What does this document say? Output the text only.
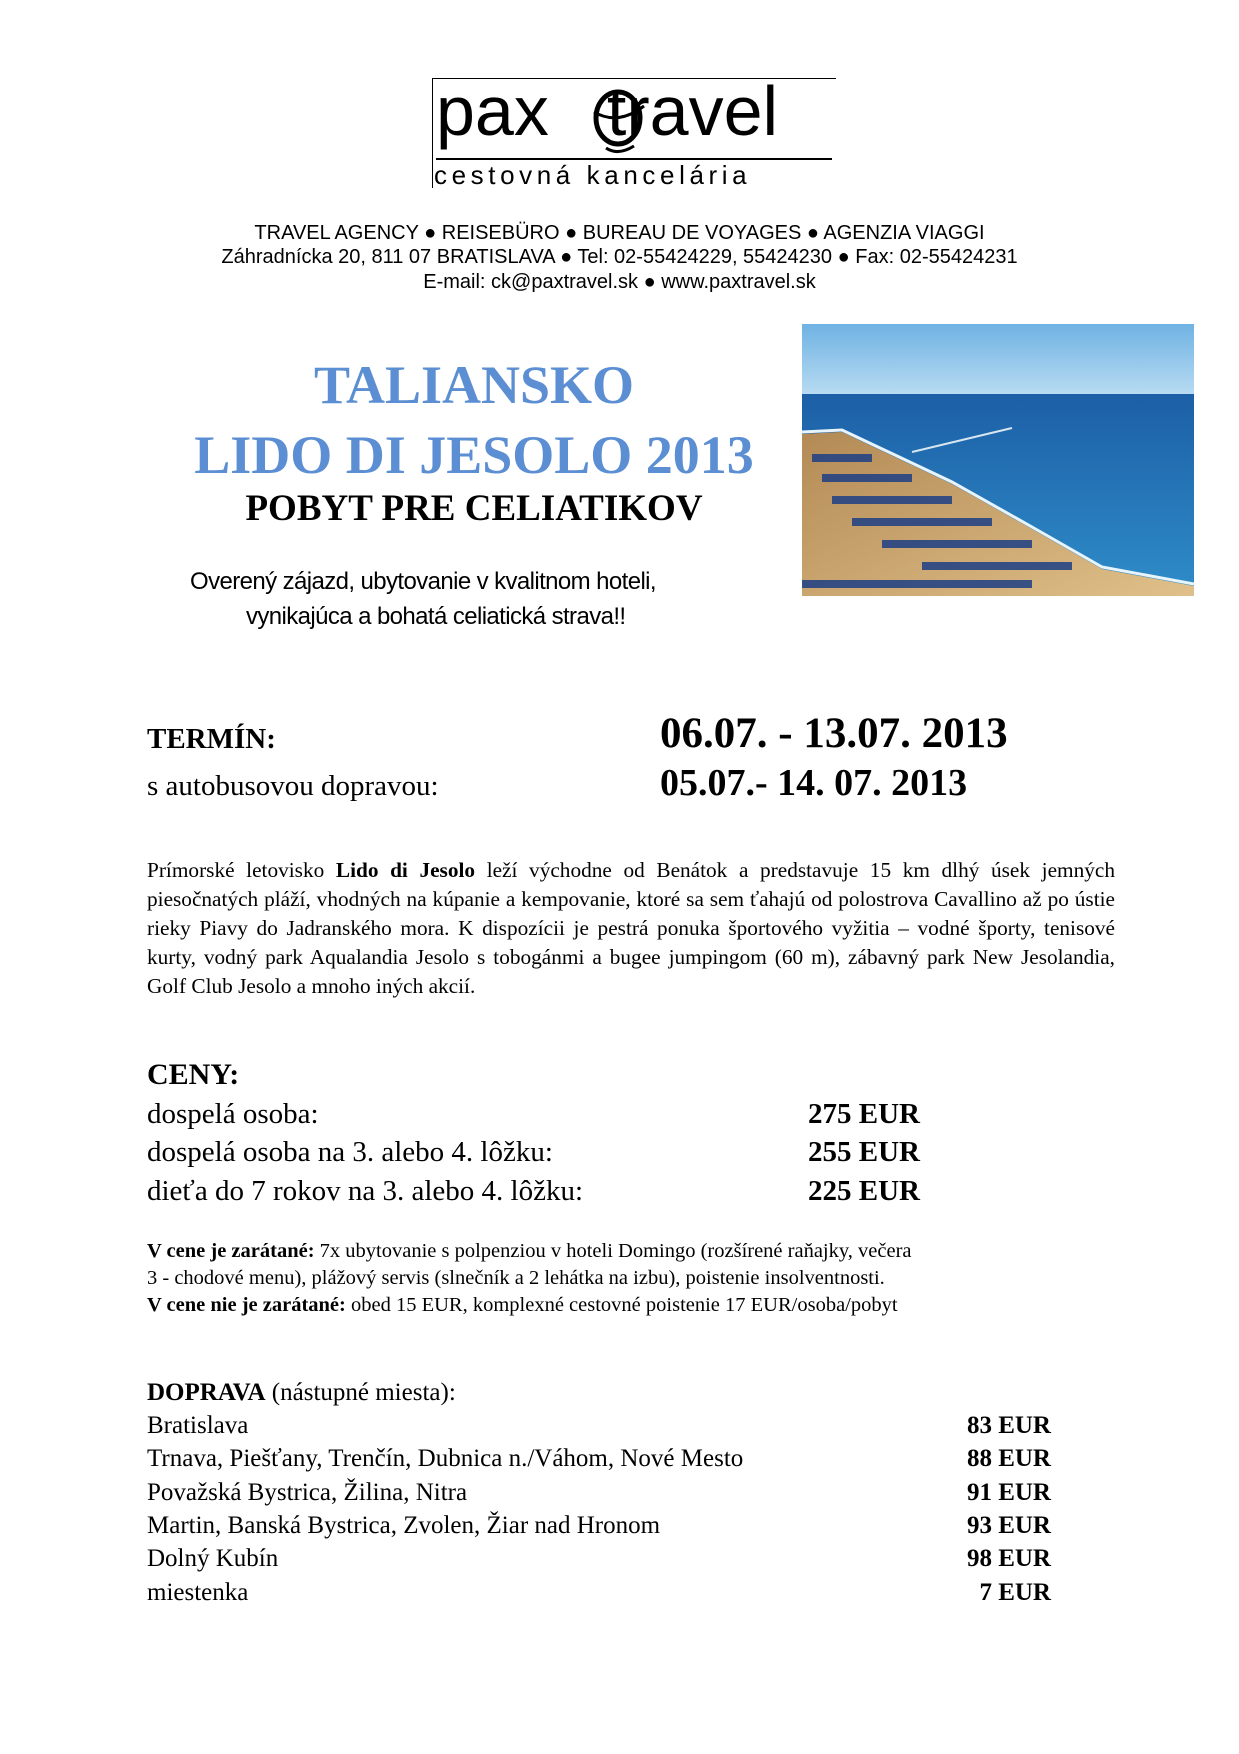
pax travel
cestovná kancelária
TRAVEL AGENCY ● REISEBÜRO ● BUREAU DE VOYAGES ● AGENZIA VIAGGI
Záhradnícka 20, 811 07 BRATISLAVA ● Tel: 02-55424229, 55424230 ● Fax: 02-55424231
E-mail: ck@paxtravel.sk ● www.paxtravel.sk
TALIANSKO
LIDO DI JESOLO 2013
POBYT PRE CELIATIKOV
Overený zájazd, ubytovanie v kvalitnom hoteli,
vynikajúca a bohatá celiatická strava!!
TERMÍN:	06.07. - 13.07. 2013
s autobusovou dopravou:	05.07.- 14. 07. 2013
Prímorské letovisko Lido di Jesolo leží východne od Benátok a predstavuje 15 km dlhý úsek jemných piesočnatých pláží, vhodných na kúpanie a kempovanie, ktoré sa sem ťahajú od polostrova Cavallino až po ústie rieky Piavy do Jadranského mora. K dispozícii je pestrá ponuka športového vyžitia – vodné športy, tenisové kurty, vodný park Aqualandia Jesolo s tobogánmi a bugee jumpingom (60 m), zábavný park New Jesolandia, Golf Club Jesolo a mnoho iných akcií.
CENY:
dospelá osoba:	275 EUR
dospelá osoba na 3. alebo 4. lôžku:	255 EUR
dieťa do 7 rokov na 3. alebo 4. lôžku:	225 EUR
V cene je zarátané: 7x ubytovanie s polpenziou v hoteli Domingo (rozšírené raňajky, večera
3 - chodové menu), plážový servis (slnečník a 2 lehátka na izbu), poistenie insolventnosti.
V cene nie je zarátané: obed 15 EUR, komplexné cestovné poistenie 17 EUR/osoba/pobyt
DOPRAVA (nástupné miesta):
Bratislava	83 EUR
Trnava, Piešťany, Trenčín, Dubnica n./Váhom, Nové Mesto	88 EUR
Považská Bystrica, Žilina, Nitra	91 EUR
Martin, Banská Bystrica, Zvolen, Žiar nad Hronom	93 EUR
Dolný Kubín	98 EUR
miestenka	7 EUR
